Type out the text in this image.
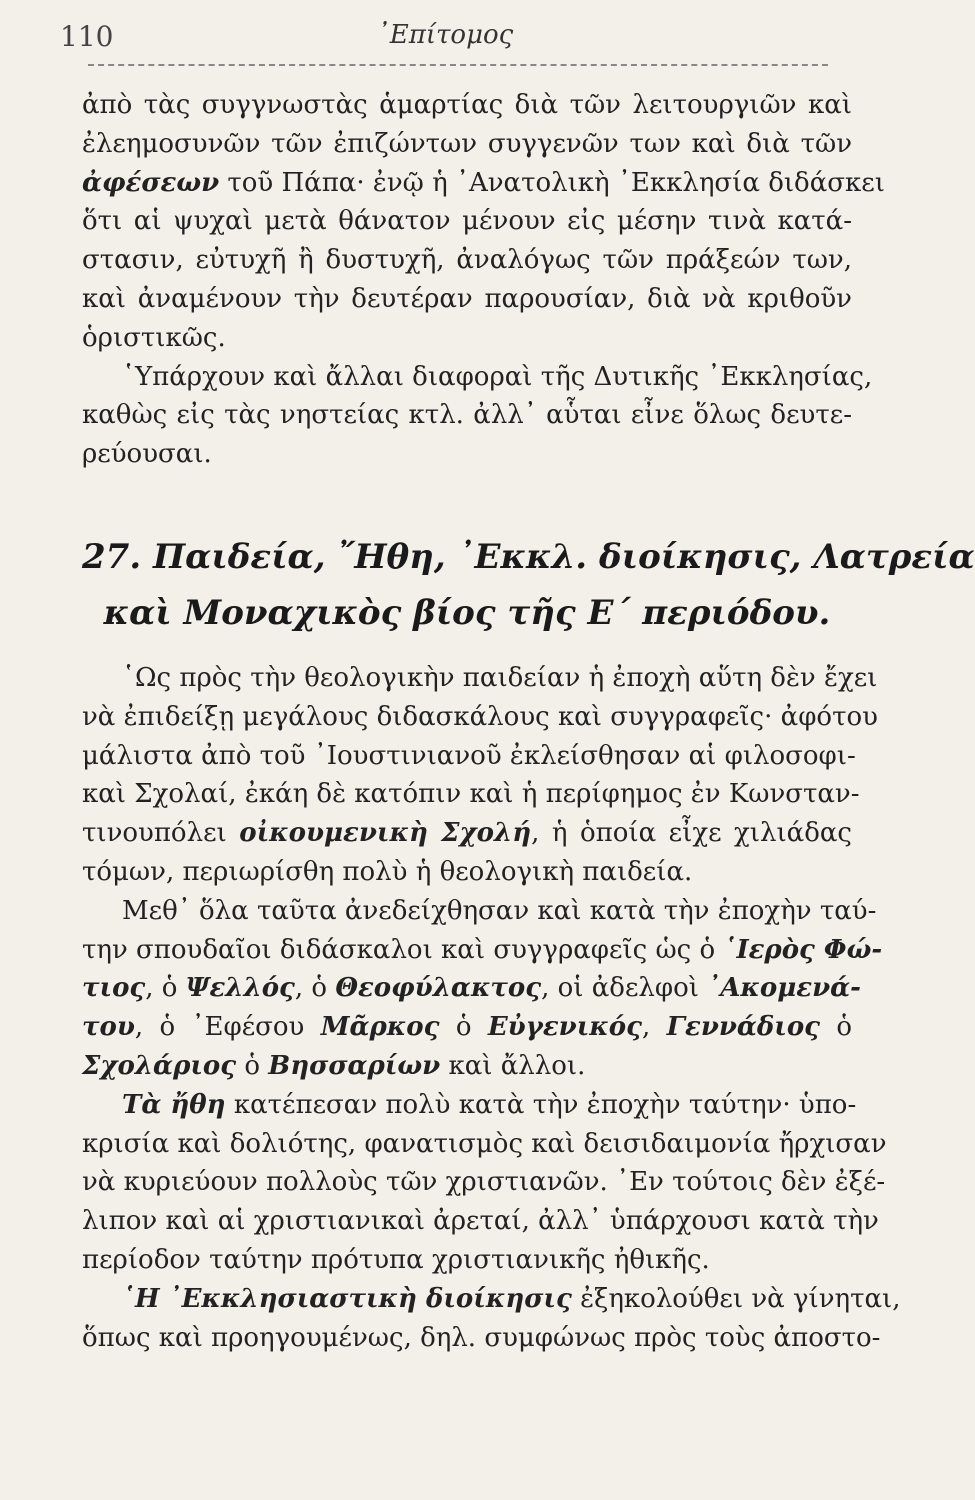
110	᾿Επίτομος
ἀπὸ τὰς συγγνωστὰς ἁμαρτίας διὰ τῶν λειτουργιῶν καὶ
ἐλεημοσυνῶν τῶν ἐπιζώντων συγγενῶν των καὶ διὰ τῶν
ἀφέσεων τοῦ Πάπα· ἐνῷ ἡ ᾿Ανατολικὴ ᾿Εκκλησία διδάσκει
ὅτι αἱ ψυχαὶ μετὰ θάνατον μένουν εἰς μέσην τινὰ κατά-
στασιν, εὐτυχῆ ἢ δυστυχῆ, ἀναλόγως τῶν πράξεών των,
καὶ ἀναμένουν τὴν δευτέραν παρουσίαν, διὰ νὰ κριθοῦν
ὁριστικῶς.
῾Υπάρχουν καὶ ἄλλαι διαφοραὶ τῆς Δυτικῆς ᾿Εκκλησίας,
καθὼς εἰς τὰς νηστείας κτλ. ἀλλ᾿ αὗται εἶνε ὅλως δευτε-
ρεύουσαι.
27. Παιδεία, ῎Ηθη, ᾿Εκκλ. διοίκησις, Λατρεία
καὶ Μοναχικὸς βίος τῆς Ε΄ περιόδου.
῾Ως πρὸς τὴν θεολογικὴν παιδείαν ἡ ἐποχὴ αὕτη δὲν ἔχει
νὰ ἐπιδείξῃ μεγάλους διδασκάλους καὶ συγγραφεῖς· ἀφότου
μάλιστα ἀπὸ τοῦ ᾿Ιουστινιανοῦ ἐκλείσθησαν αἱ φιλοσοφι-
καὶ Σχολαί, ἐκάη δὲ κατόπιν καὶ ἡ περίφημος ἐν Κωνσταν-
τινουπόλει οἰκουμενικὴ Σχολή, ἡ ὁποία εἶχε χιλιάδας
τόμων, περιωρίσθη πολὺ ἡ θεολογικὴ παιδεία.
Μεθ᾿ ὅλα ταῦτα ἀνεδείχθησαν καὶ κατὰ τὴν ἐποχὴν ταύ-
την σπουδαῖοι διδάσκαλοι καὶ συγγραφεῖς ὡς ὁ ῾Ιερὸς Φώ-
τιος, ὁ Ψελλός, ὁ Θεοφύλακτος, οἱ ἀδελφοὶ ᾿Ακομενά-
του, ὁ ᾿Εφέσου Μᾶρκος ὁ Εὐγενικός, Γεννάδιος ὁ
Σχολάριος ὁ Βησσαρίων καὶ ἄλλοι.
Τὰ ἤθη κατέπεσαν πολὺ κατὰ τὴν ἐποχὴν ταύτην· ὑπο-
κρισία καὶ δολιότης, φανατισμὸς καὶ δεισιδαιμονία ἤρχισαν
νὰ κυριεύουν πολλοὺς τῶν χριστιανῶν. ᾿Εν τούτοις δὲν ἐξέ-
λιπον καὶ αἱ χριστιανικαὶ ἀρεταί, ἀλλ᾿ ὑπάρχουσι κατὰ τὴν
περίοδον ταύτην πρότυπα χριστιανικῆς ἠθικῆς.
῾Η ᾿Εκκλησιαστικὴ διοίκησις ἐξηκολούθει νὰ γίνηται,
ὅπως καὶ προηγουμένως, δηλ. συμφώνως πρὸς τοὺς ἀποστο-
